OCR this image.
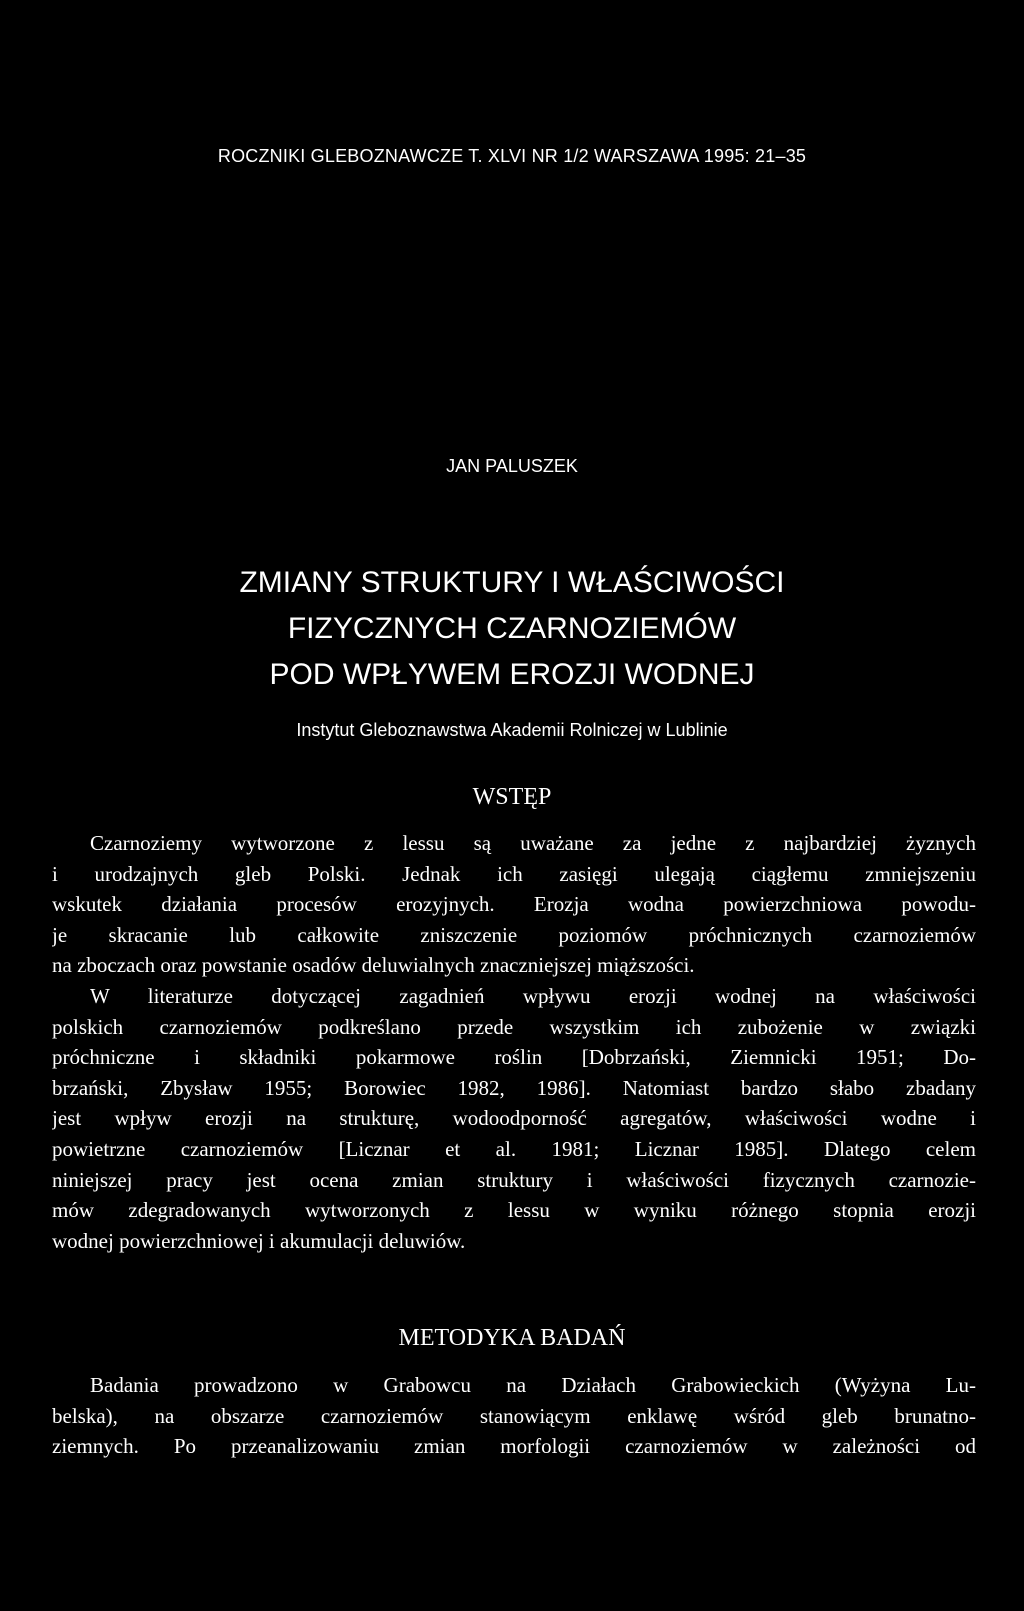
ROCZNIKI GLEBOZNAWCZE T. XLVI NR 1/2 WARSZAWA 1995: 21–35

JAN PALUSZEK

ZMIANY STRUKTURY I WŁAŚCIWOŚCI
FIZYCZNYCH CZARNOZIEMÓW
POD WPŁYWEM EROZJI WODNEJ

Instytut Gleboznawstwa Akademii Rolniczej w Lublinie

WSTĘP
Czarnoziemy wytworzone z lessu są uważane za jedne z najbardziej żyznych
i urodzajnych gleb Polski. Jednak ich zasięgi ulegają ciągłemu zmniejszeniu
wskutek działania procesów erozyjnych. Erozja wodna powierzchniowa powodu-
je skracanie lub całkowite zniszczenie poziomów próchnicznych czarnoziemów
na zboczach oraz powstanie osadów deluwialnych znaczniejszej miąższości.
W literaturze dotyczącej zagadnień wpływu erozji wodnej na właściwości
polskich czarnoziemów podkreślano przede wszystkim ich zubożenie w związki
próchniczne i składniki pokarmowe roślin [Dobrzański, Ziemnicki 1951; Do-
brzański, Zbysław 1955; Borowiec 1982, 1986]. Natomiast bardzo słabo zbadany
jest wpływ erozji na strukturę, wodoodporność agregatów, właściwości wodne i
powietrzne czarnoziemów [Licznar et al. 1981; Licznar 1985]. Dlatego celem
niniejszej pracy jest ocena zmian struktury i właściwości fizycznych czarnozie-
mów zdegradowanych wytworzonych z lessu w wyniku różnego stopnia erozji
wodnej powierzchniowej i akumulacji deluwiów.
METODYKA BADAŃ
Badania prowadzono w Grabowcu na Działach Grabowieckich (Wyżyna Lu-
belska), na obszarze czarnoziemów stanowiącym enklawę wśród gleb brunatno-
ziemnych. Po przeanalizowaniu zmian morfologii czarnoziemów w zależności od
